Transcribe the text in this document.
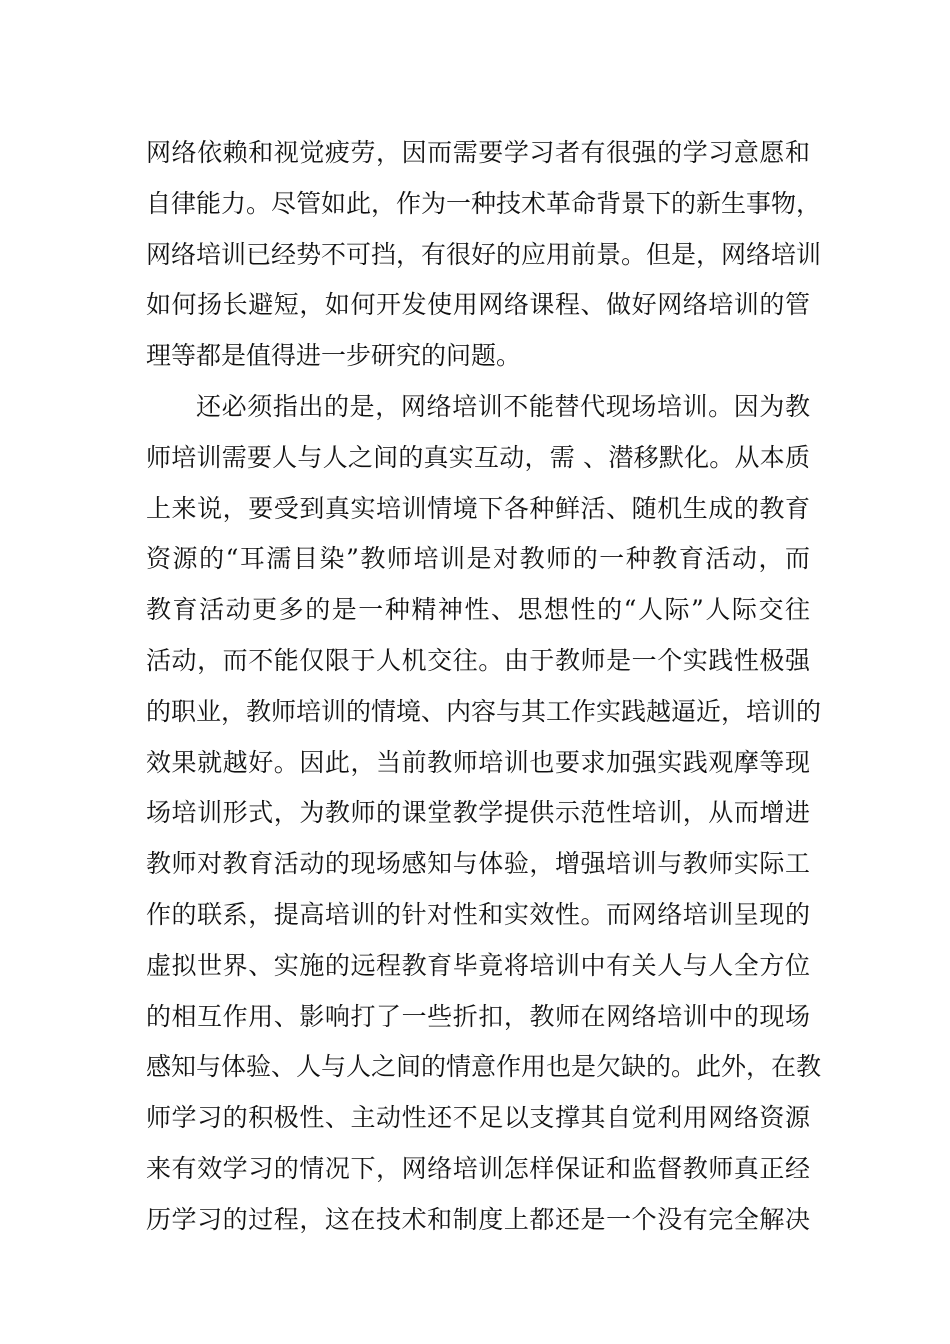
网络依赖和视觉疲劳，因而需要学习者有很强的学习意愿和
自律能力。尽管如此，作为一种技术革命背景下的新生事物，
网络培训已经势不可挡，有很好的应用前景。但是，网络培训
如何扬长避短，如何开发使用网络课程、做好网络培训的管
理等都是值得进一步研究的问题。
还必须指出的是，网络培训不能替代现场培训。因为教
师培训需要人与人之间的真实互动，需 、潜移默化。从本质
上来说，要受到真实培训情境下各种鲜活、随机生成的教育
资源的“耳濡目染”教师培训是对教师的一种教育活动，而
教育活动更多的是一种精神性、思想性的“人际”人际交往
活动，而不能仅限于人机交往。由于教师是一个实践性极强
的职业，教师培训的情境、内容与其工作实践越逼近，培训的
效果就越好。因此，当前教师培训也要求加强实践观摩等现
场培训形式，为教师的课堂教学提供示范性培训，从而增进
教师对教育活动的现场感知与体验，增强培训与教师实际工
作的联系，提高培训的针对性和实效性。而网络培训呈现的
虚拟世界、实施的远程教育毕竟将培训中有关人与人全方位
的相互作用、影响打了一些折扣，教师在网络培训中的现场
感知与体验、人与人之间的情意作用也是欠缺的。此外，在教
师学习的积极性、主动性还不足以支撑其自觉利用网络资源
来有效学习的情况下，网络培训怎样保证和监督教师真正经
历学习的过程，这在技术和制度上都还是一个没有完全解决
